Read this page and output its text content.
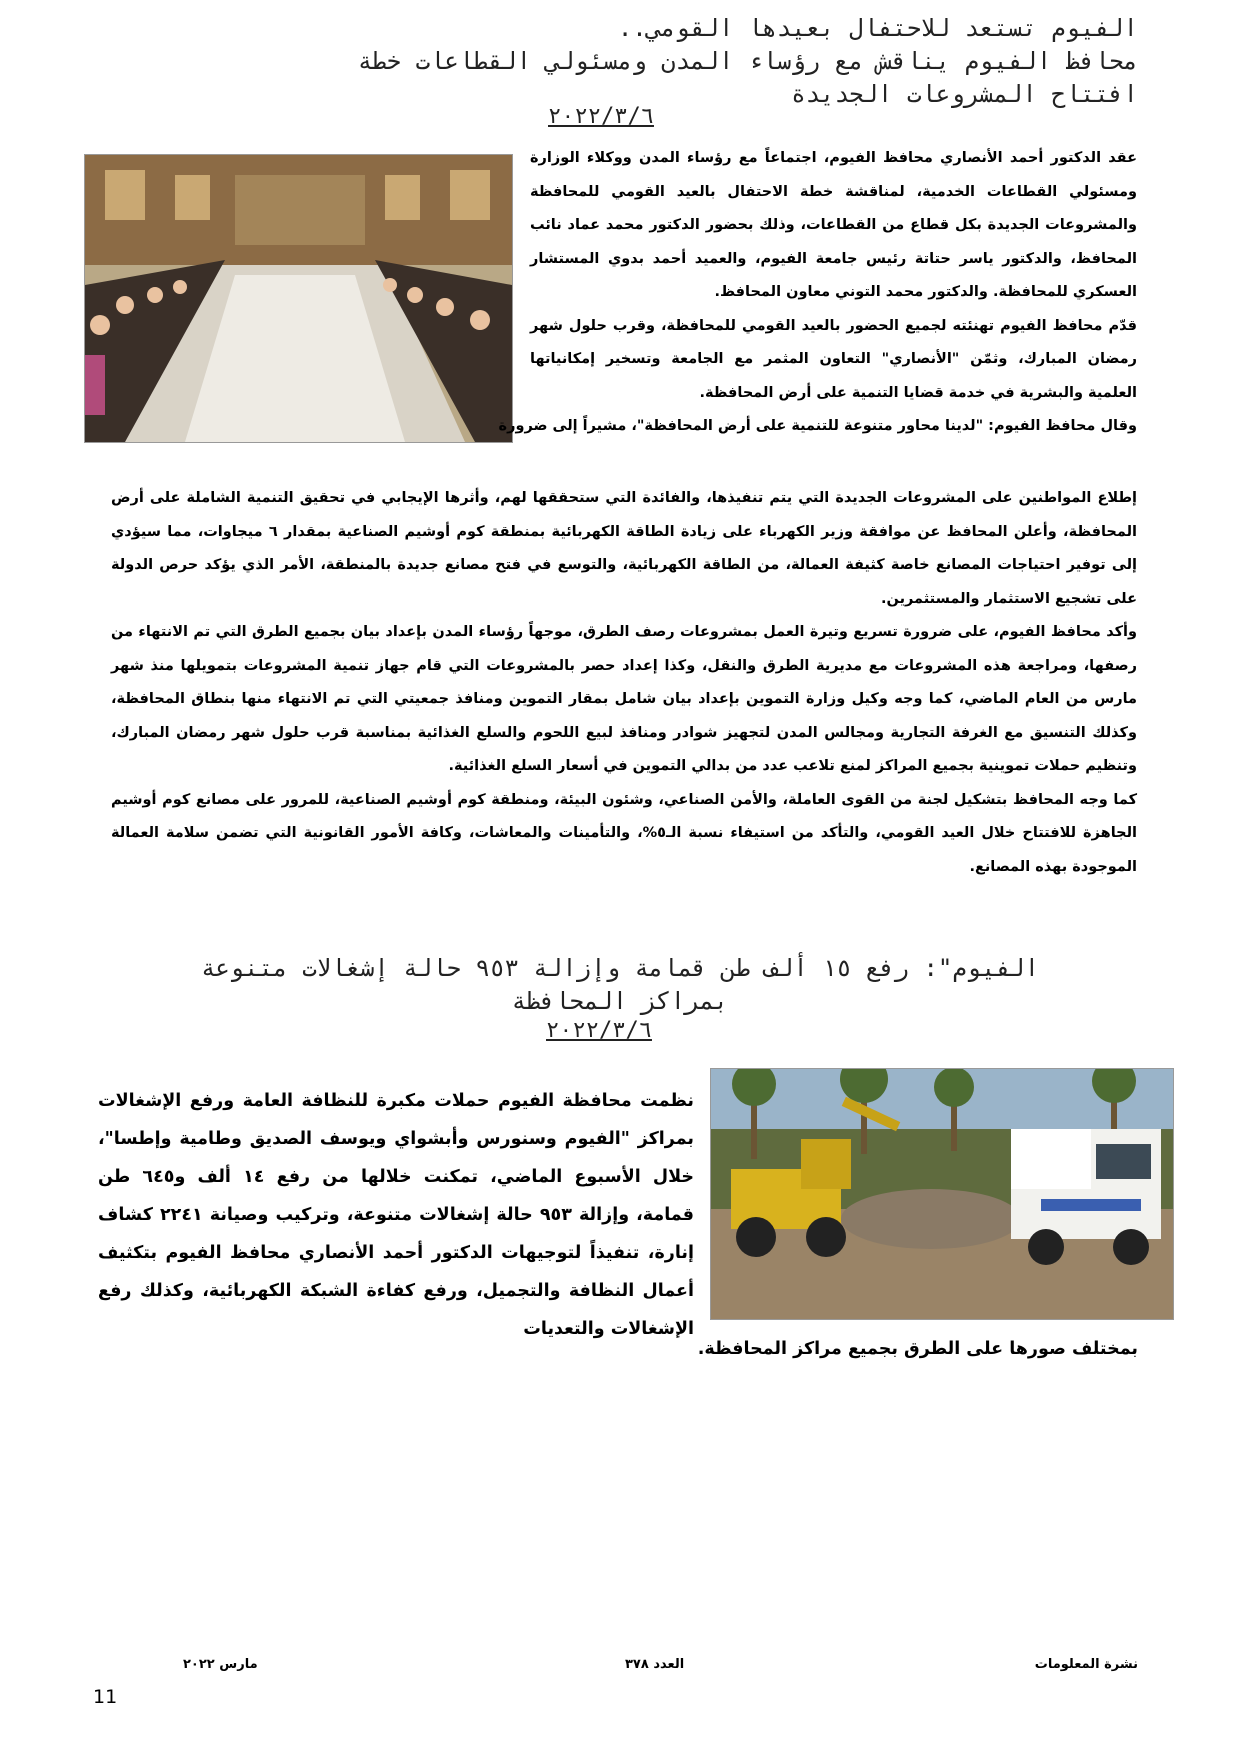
الفيوم تستعد للاحتفال بعيدها القومي..
محافظ الفيوم يناقش مع رؤساء المدن ومسئولي القطاعات خطة
افتتاح المشروعات الجديدة
٢٠٢٢/٣/٦

عقد الدكتور أحمد الأنصاري محافظ الفيوم، اجتماعاً مع رؤساء المدن ووكلاء الوزارة ومسئولي القطاعات الخدمية، لمناقشة خطة الاحتفال بالعيد القومي للمحافظة والمشروعات الجديدة بكل قطاع من القطاعات، وذلك بحضور الدكتور محمد عماد نائب المحافظ، والدكتور ياسر حتاتة رئيس جامعة الفيوم، والعميد أحمد بدوي المستشار العسكري للمحافظة. والدكتور محمد التوني معاون المحافظ.

قدّم محافظ الفيوم تهنئته لجميع الحضور بالعيد القومي للمحافظة، وقرب حلول شهر رمضان المبارك، وثمّن "الأنصاري" التعاون المثمر مع الجامعة وتسخير إمكانياتها العلمية والبشرية في خدمة قضايا التنمية على أرض المحافظة.

وقال محافظ الفيوم: "لدينا محاور متنوعة للتنمية على أرض المحافظة"، مشيراً إلى ضرورة

إطلاع المواطنين على المشروعات الجديدة التي يتم تنفيذها، والفائدة التي ستحققها لهم، وأثرها الإيجابي في تحقيق التنمية الشاملة على أرض المحافظة، وأعلن المحافظ عن موافقة وزير الكهرباء على زيادة الطاقة الكهربائية بمنطقة كوم أوشيم الصناعية بمقدار ٦ ميجاوات، مما سيؤدي إلى توفير احتياجات المصانع خاصة كثيفة العمالة، من الطاقة الكهربائية، والتوسع في فتح مصانع جديدة بالمنطقة، الأمر الذي يؤكد حرص الدولة على تشجيع الاستثمار والمستثمرين.

وأكد محافظ الفيوم، على ضرورة تسريع وتيرة العمل بمشروعات رصف الطرق، موجهاً رؤساء المدن بإعداد بيان بجميع الطرق التي تم الانتهاء من رصفها، ومراجعة هذه المشروعات مع مديرية الطرق والنقل، وكذا إعداد حصر بالمشروعات التي قام جهاز تنمية المشروعات بتمويلها منذ شهر مارس من العام الماضي، كما وجه وكيل وزارة التموين بإعداد بيان شامل بمقار التموين ومنافذ جمعيتي التي تم الانتهاء منها بنطاق المحافظة، وكذلك التنسيق مع الغرفة التجارية ومجالس المدن لتجهيز شوادر ومنافذ لبيع اللحوم والسلع الغذائية بمناسبة قرب حلول شهر رمضان المبارك، وتنظيم حملات تموينية بجميع المراكز لمنع تلاعب عدد من بدالي التموين في أسعار السلع الغذائية.

كما وجه المحافظ بتشكيل لجنة من القوى العاملة، والأمن الصناعي، وشئون البيئة، ومنطقة كوم أوشيم الصناعية، للمرور على مصانع كوم أوشيم الجاهزة للافتتاح خلال العيد القومي، والتأكد من استيفاء نسبة الـ٥%، والتأمينات والمعاشات، وكافة الأمور القانونية التي تضمن سلامة العمالة الموجودة بهذه المصانع.

الفيوم": رفع ١٥ ألف طن قمامة وإزالة ٩٥٣ حالة إشغالات متنوعة
بمراكز المحافظة
٢٠٢٢/٣/٦

نظمت محافظة الفيوم حملات مكبرة للنظافة العامة ورفع الإشغالات بمراكز "الفيوم وسنورس وأبشواي ويوسف الصديق وطامية وإطسا"، خلال الأسبوع الماضي، تمكنت خلالها من رفع ١٤ ألف و٦٤٥ طن قمامة، وإزالة ٩٥٣ حالة إشغالات متنوعة، وتركيب وصيانة ٢٢٤١ كشاف إنارة، تنفيذاً لتوجيهات الدكتور أحمد الأنصاري محافظ الفيوم بتكثيف أعمال النظافة والتجميل، ورفع كفاءة الشبكة الكهربائية، وكذلك رفع الإشغالات والتعديات

بمختلف صورها على الطرق بجميع مراكز المحافظة.

نشرة المعلومات
العدد ٣٧٨
مارس ٢٠٢٢
11
